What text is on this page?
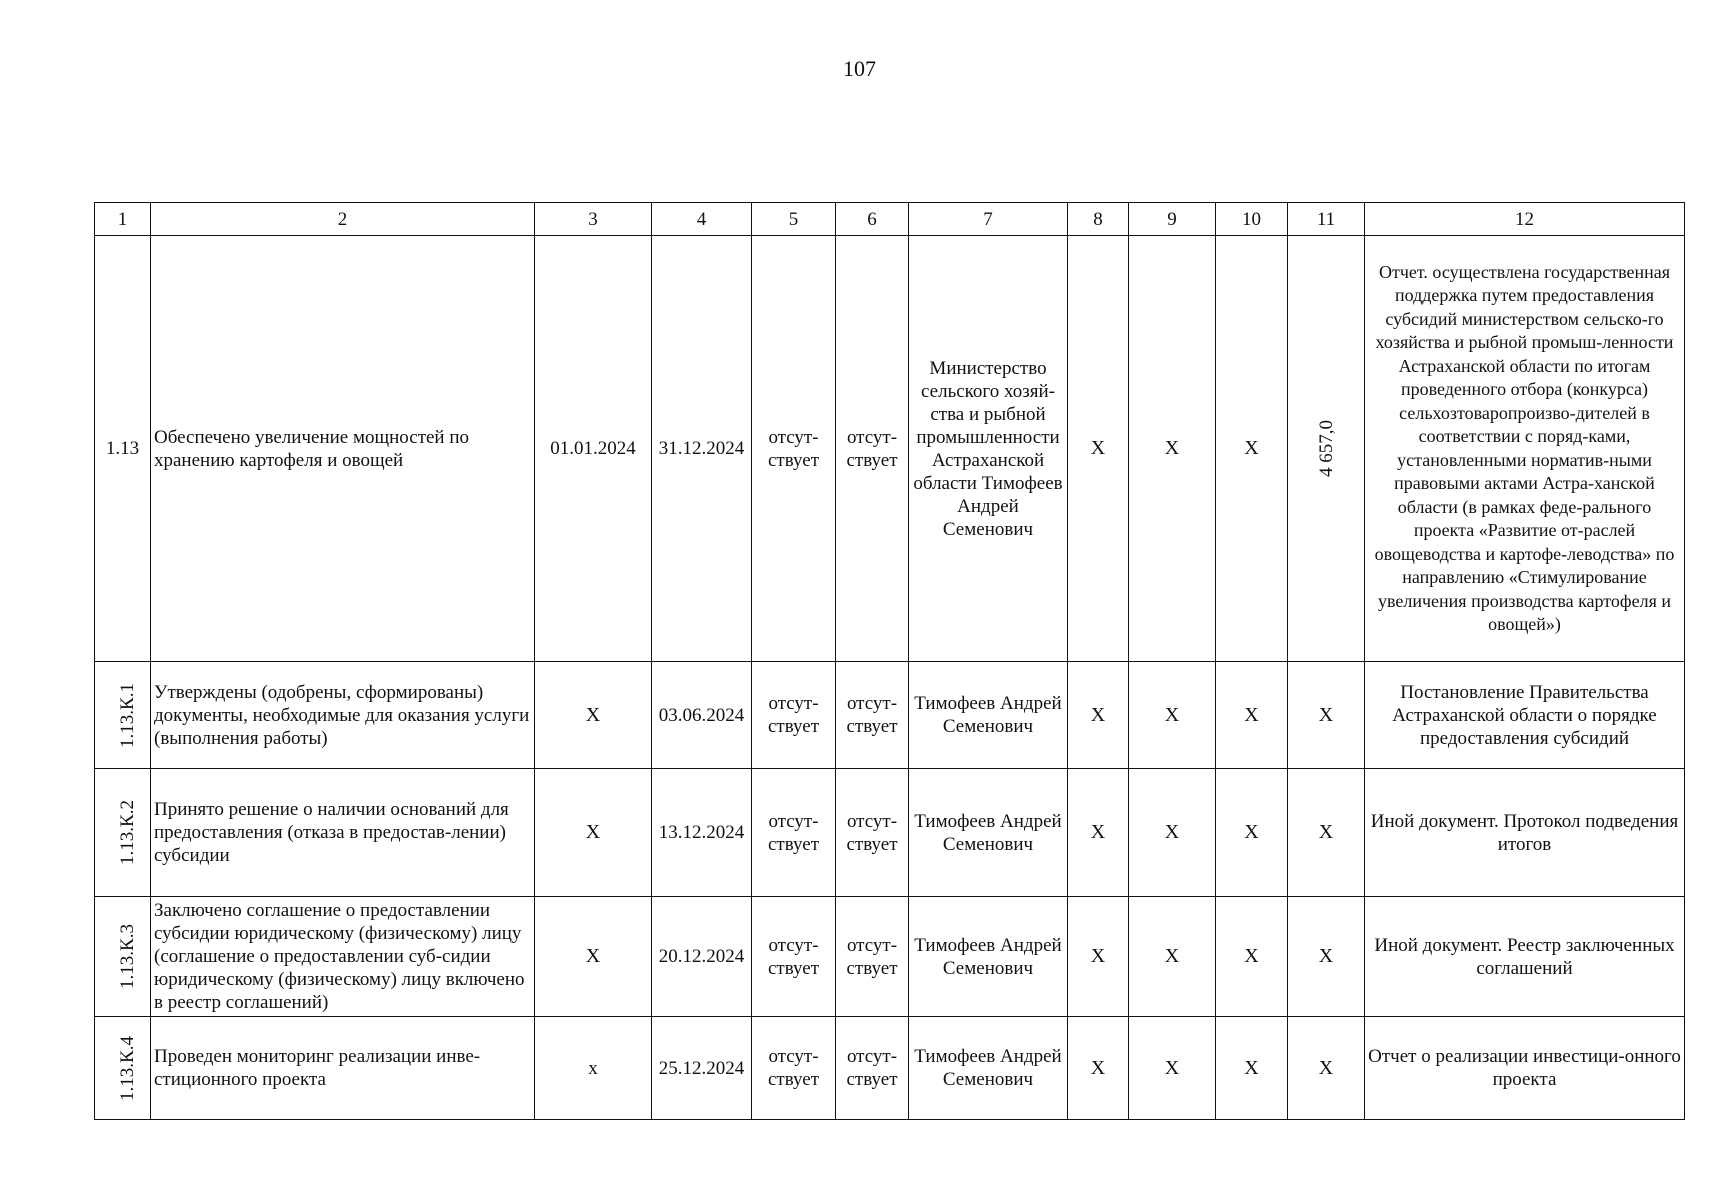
107
1	2	3	4	5	6	7	8	9	10	11	12
1.13	Обеспечено увеличение мощностей по хранению картофеля и овощей	01.01.2024	31.12.2024	отсут-ствует	отсут-ствует	Министерство сельского хозяй-ства и рыбной промышленности Астраханской области Тимофеев Андрей Семенович	X	X	X	4 657,0	Отчет. осуществлена государственная поддержка путем предоставления субсидий министерством сельско-го хозяйства и рыбной промыш-ленности Астраханской области по итогам проведенного отбора (конкурса) сельхозтоваропроизво-дителей в соответствии с поряд-ками, установленными норматив-ными правовыми актами Астра-ханской области (в рамках феде-рального проекта «Развитие от-раслей овощеводства и картофе-леводства» по направлению «Стимулирование увеличения производства картофеля и овощей»)
1.13.К.1	Утверждены (одобрены, сформированы) документы, необходимые для оказания услуги (выполнения работы)	X	03.06.2024	отсут-ствует	отсут-ствует	Тимофеев Андрей Семенович	X	X	X	X	Постановление Правительства Астраханской области о порядке предоставления субсидий
1.13.К.2	Принято решение о наличии оснований для предоставления (отказа в предостав-лении) субсидии	X	13.12.2024	отсут-ствует	отсут-ствует	Тимофеев Андрей Семенович	X	X	X	X	Иной документ. Протокол подведения итогов
1.13.К.3	Заключено соглашение о предоставлении субсидии юридическому (физическому) лицу (соглашение о предоставлении суб-сидии юридическому (физическому) лицу включено в реестр соглашений)	X	20.12.2024	отсут-ствует	отсут-ствует	Тимофеев Андрей Семенович	X	X	X	X	Иной документ. Реестр заключенных соглашений
1.13.К.4	Проведен мониторинг реализации инве-стиционного проекта	x	25.12.2024	отсут-ствует	отсут-ствует	Тимофеев Андрей Семенович	X	X	X	X	Отчет о реализации инвестици-онного проекта
